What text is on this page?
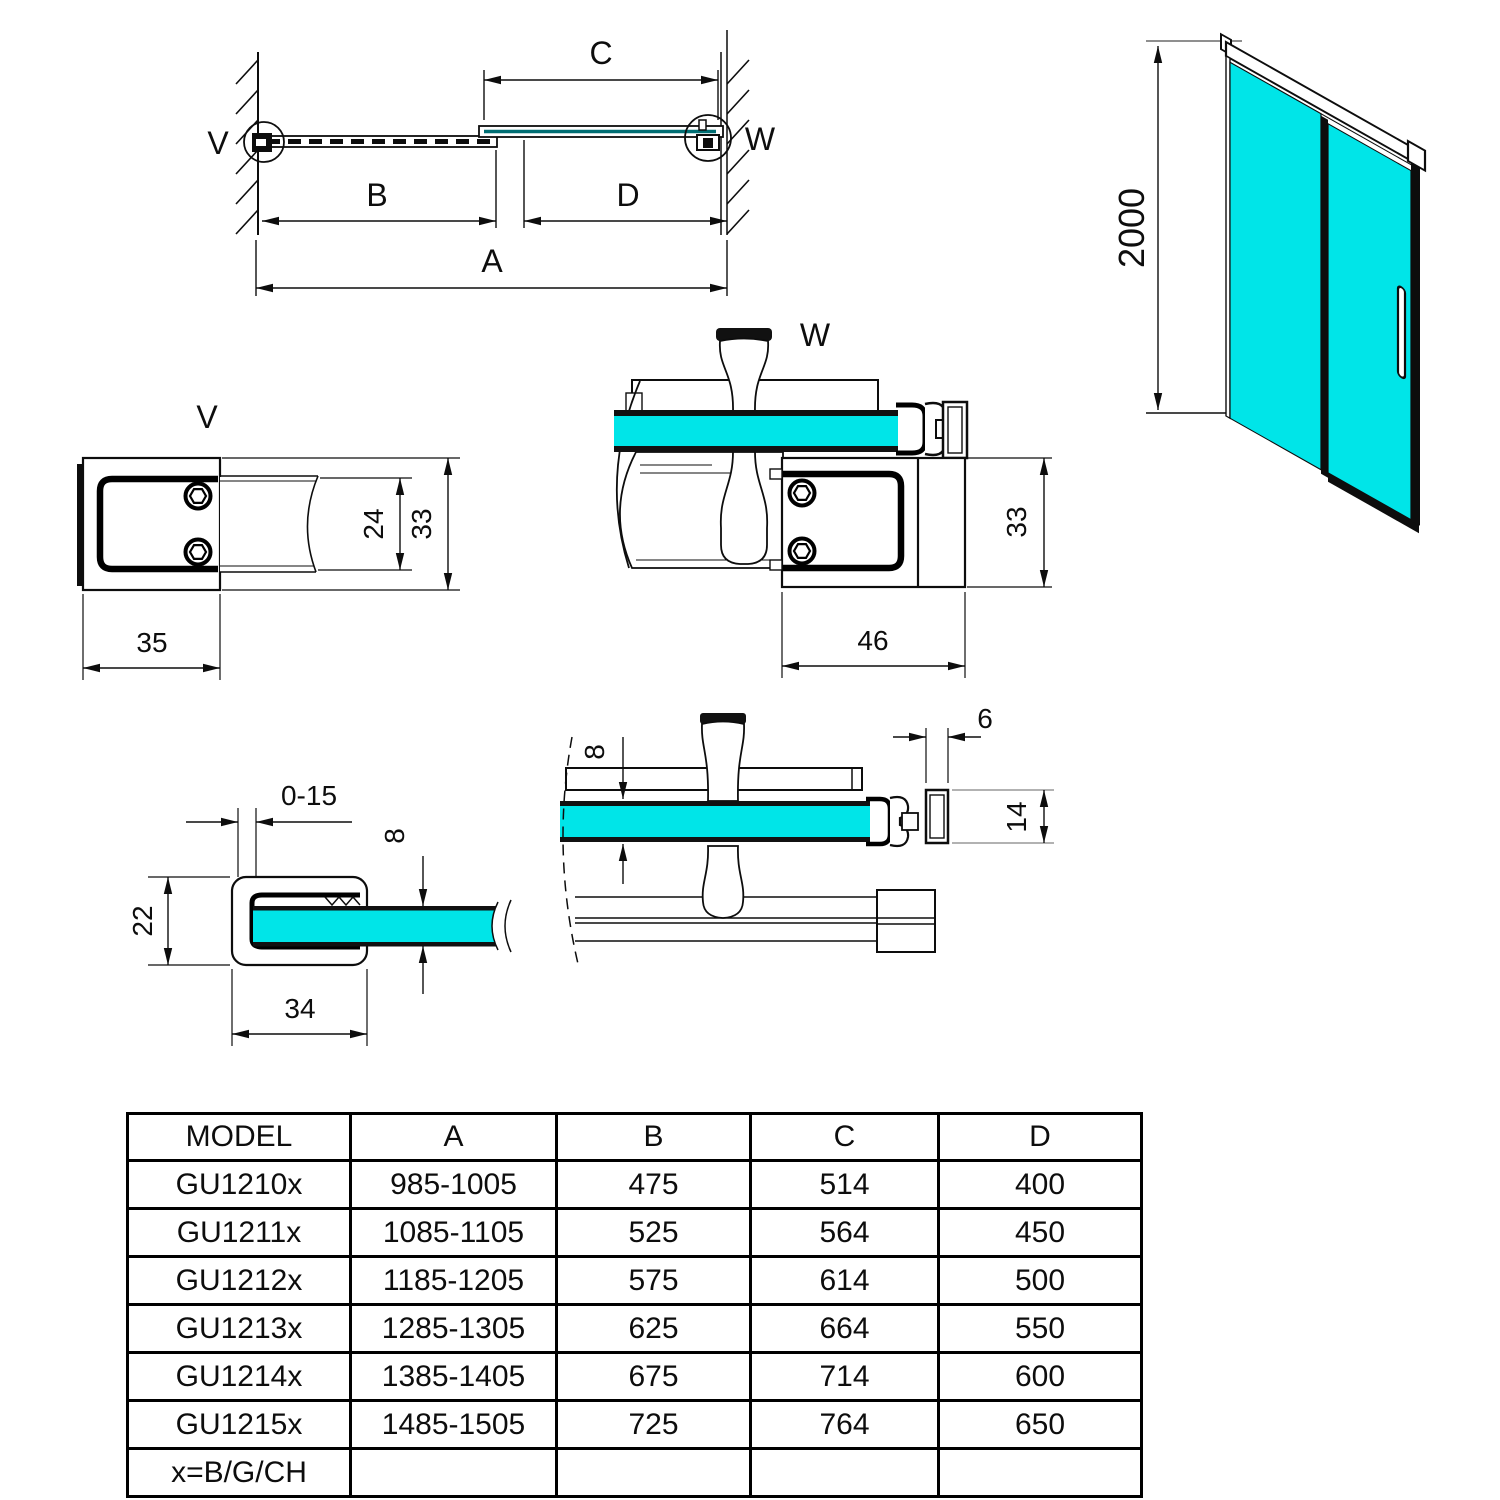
V	W
C
B	D
A	2000
V
24 33
35
W
33
46
0-15
22
8
34
8
6
14
MODEL	A	B	C	D
GU1210x	985-1005	475	514	400
GU1211x	1085-1105	525	564	450
GU1212x	1185-1205	575	614	500
GU1213x	1285-1305	625	664	550
GU1214x	1385-1405	675	714	600
GU1215x	1485-1505	725	764	650
x=B/G/CH				
